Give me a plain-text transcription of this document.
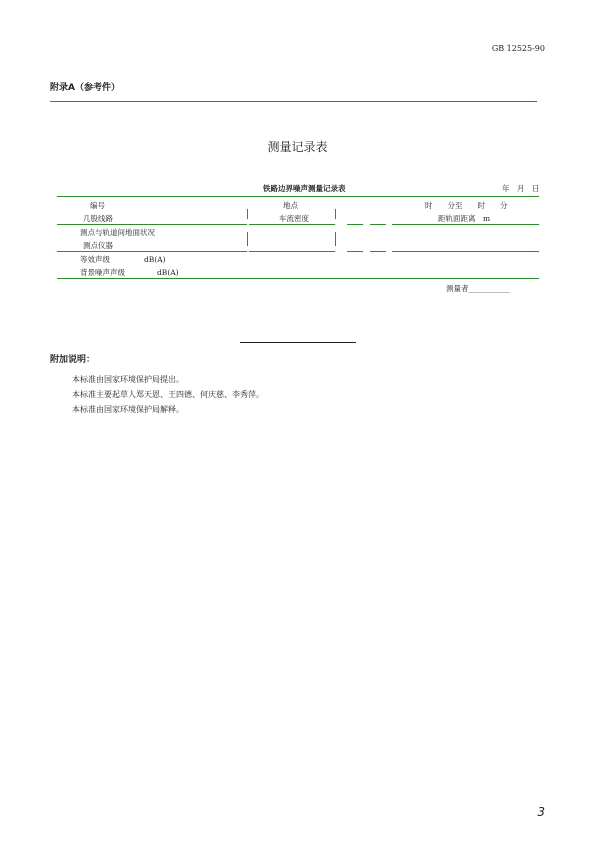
GB 12525-90
附录A（参考件）
测量记录表
铁路边界噪声测量记录表	年　月　日
编号	地点	时　　分至　　时　　分
几股线路	车流密度	距轨面距离　m
测点与轨道间地面状况
测点仪器
等效声级	dB(A)
背景噪声声级	dB(A)
测量者___________
附加说明：
本标准由国家环境保护局提出。
本标准主要起草人郑天恩、王四德、何庆慈、李秀萍。
本标准由国家环境保护局解释。
3
